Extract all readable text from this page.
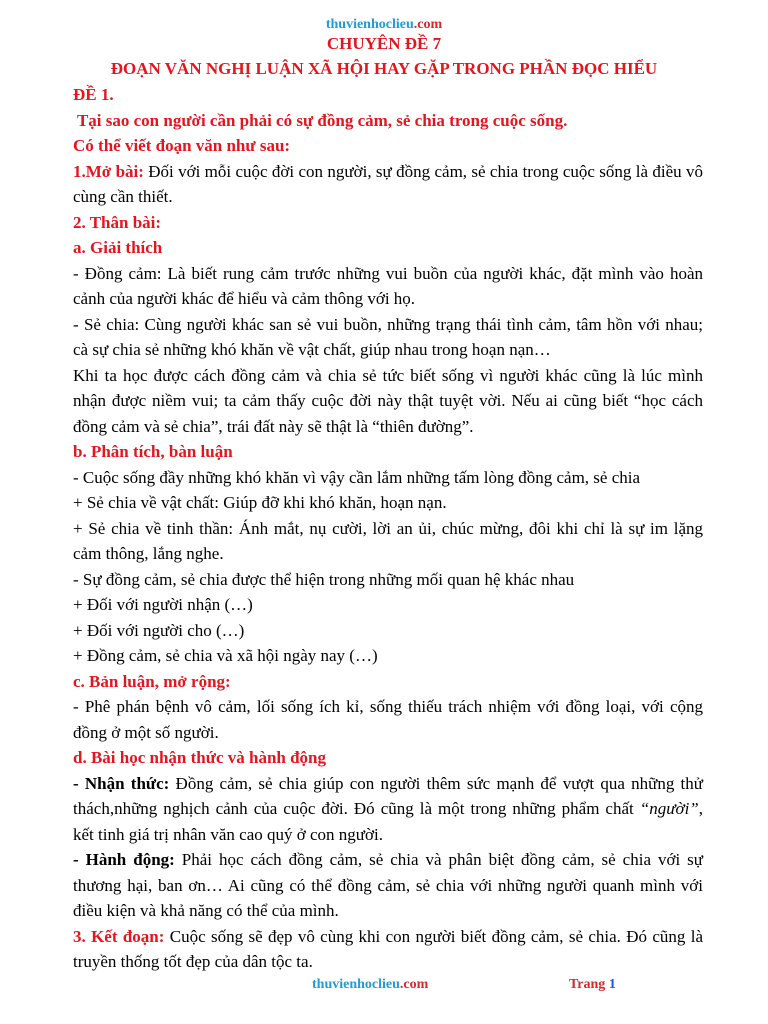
thuvienhoclieu.com
CHUYÊN ĐỀ 7
ĐOẠN VĂN NGHỊ LUẬN XÃ HỘI HAY GẶP TRONG PHẦN ĐỌC HIỂU

ĐỀ 1.

Tại sao con người cần phải có sự đồng cảm, sẻ chia trong cuộc sống.

Có thể viết đoạn văn như sau:

1.Mở bài: Đối với mỗi cuộc đời con người, sự đồng cảm, sẻ chia trong cuộc sống là điều vô cùng cần thiết.

2. Thân bài:

a. Giải thích

- Đồng cảm: Là biết rung cảm trước những vui buồn của người khác, đặt mình vào hoàn cảnh của người khác để hiểu và cảm thông với họ.

- Sẻ chia: Cùng người khác san sẻ vui buồn, những trạng thái tình cảm, tâm hồn với nhau; cà sự chia sẻ những khó khăn về vật chất, giúp nhau trong hoạn nạn…

Khi ta học được cách đồng cảm và chia sẻ tức biết sống vì người khác cũng là lúc mình nhận được niềm vui; ta cảm thấy cuộc đời này thật tuyệt vời. Nếu ai cũng biết “học cách đồng cảm và sẻ chia”, trái đất này sẽ thật là “thiên đường”.

b. Phân tích, bàn luận

- Cuộc sống đầy những khó khăn vì vậy cần lắm những tấm lòng đồng cảm, sẻ chia

+ Sẻ chia về vật chất: Giúp đỡ khi khó khăn, hoạn nạn.

+ Sẻ chia về tinh thần: Ánh mắt, nụ cười, lời an ủi, chúc mừng, đôi khi chỉ là sự im lặng cảm thông, lắng nghe.

- Sự đồng cảm, sẻ chia được thể hiện trong những mối quan hệ khác nhau

+ Đối với người nhận (…)

+ Đối với người cho (…)

+ Đồng cảm, sẻ chia và xã hội ngày nay (…)

c. Bản luận, mở rộng:

- Phê phán bệnh vô cảm, lối sống ích kỉ, sống thiếu trách nhiệm với đồng loại, với cộng đồng ở một số người.

d. Bài học nhận thức và hành động

- Nhận thức: Đồng cảm, sẻ chia giúp con người thêm sức mạnh để vượt qua những thử thách,những nghịch cảnh của cuộc đời. Đó cũng là một trong những phẩm chất “người”, kết tinh giá trị nhân văn cao quý ở con người.

- Hành động: Phải học cách đồng cảm, sẻ chia và phân biệt đồng cảm, sẻ chia với sự thương hại, ban ơn… Ai cũng có thể đồng cảm, sẻ chia với những người quanh mình với điều kiện và khả năng có thể của mình.

3. Kết đoạn: Cuộc sống sẽ đẹp vô cùng khi con người biết đồng cảm, sẻ chia. Đó cũng là truyền thống tốt đẹp của dân tộc ta.

thuvienhoclieu.com	Trang 1
